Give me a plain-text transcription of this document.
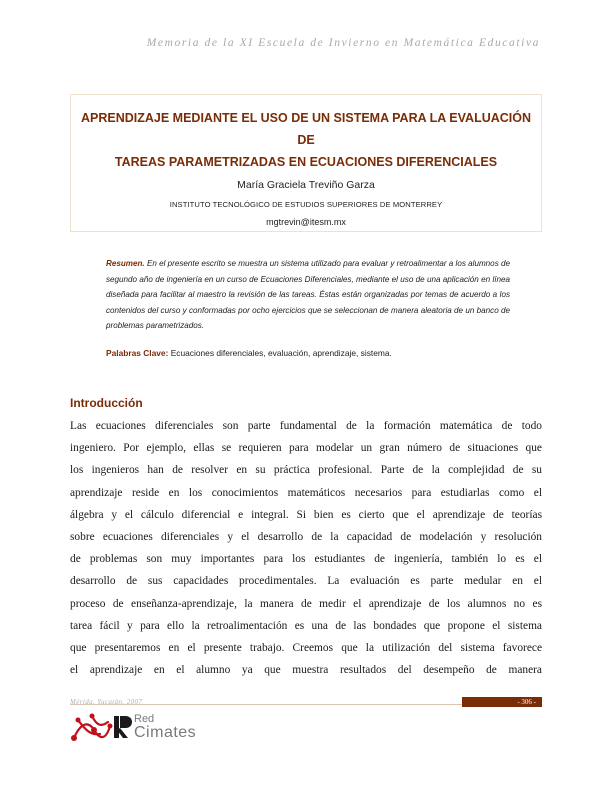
Memoria de la XI Escuela de Invierno en Matemática Educativa
APRENDIZAJE MEDIANTE EL USO DE UN SISTEMA PARA LA EVALUACIÓN DE
TAREAS PARAMETRIZADAS EN ECUACIONES DIFERENCIALES
María Graciela Treviño Garza
INSTITUTO TECNOLÓGICO DE ESTUDIOS SUPERIORES DE MONTERREY
mgtrevin@itesm.mx
Resumen. En el presente escrito se muestra un sistema utilizado para evaluar y retroalimentar a los alumnos de segundo año de ingeniería en un curso de Ecuaciones Diferenciales, mediante el uso de una aplicación en línea diseñada para facilitar al maestro la revisión de las tareas. Éstas están organizadas por temas de acuerdo a los contenidos del curso y conformadas por ocho ejercicios que se seleccionan de manera aleatoria de un banco de problemas parametrizados.
Palabras Clave: Ecuaciones diferenciales, evaluación, aprendizaje, sistema.
Introducción
Las ecuaciones diferenciales son parte fundamental de la formación matemática de todo
ingeniero. Por ejemplo, ellas se requieren para modelar un gran número de situaciones que
los ingenieros han de resolver en su práctica profesional. Parte de la complejidad de su
aprendizaje reside en los conocimientos matemáticos necesarios para estudiarlas como el
álgebra y el cálculo diferencial e integral. Si bien es cierto que el aprendizaje de teorías
sobre ecuaciones diferenciales y el desarrollo de la capacidad de modelación y resolución
de problemas son muy importantes para los estudiantes de ingeniería, también lo es el
desarrollo de sus capacidades procedimentales. La evaluación es parte medular en el
proceso de enseñanza-aprendizaje, la manera de medir el aprendizaje de los alumnos no es
tarea fácil y para ello la retroalimentación es una de las bondades que propone el sistema
que presentaremos en el presente trabajo. Creemos que la utilización del sistema favorece
el aprendizaje en el alumno ya que muestra resultados del desempeño de manera
Mérida, Yucatán. 2007	- 306 -
Red
Cimates
